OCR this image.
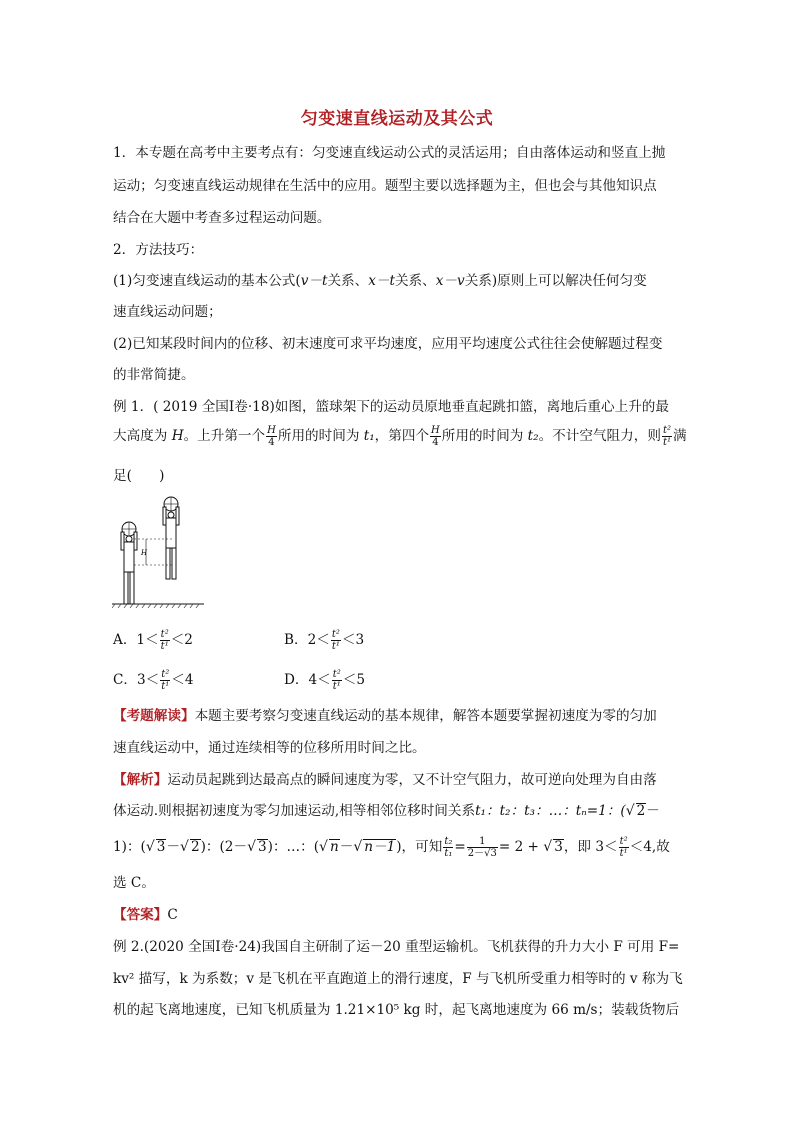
匀变速直线运动及其公式
1．本专题在高考中主要考点有：匀变速直线运动公式的灵活运用；自由落体运动和竖直上抛
运动；匀变速直线运动规律在生活中的应用。题型主要以选择题为主，但也会与其他知识点
结合在大题中考查多过程运动问题。
2．方法技巧：
(1)匀变速直线运动的基本公式(v－t关系、x－t关系、x－v关系)原则上可以解决任何匀变
速直线运动问题；
(2)已知某段时间内的位移、初末速度可求平均速度，应用平均速度公式往往会使解题过程变
的非常简捷。
例 1．( 2019 全国Ⅰ卷·18)如图，篮球架下的运动员原地垂直起跳扣篮，离地后重心上升的最
大高度为 H。上升第一个 $\frac{H}{4}$ 所用的时间为 t₁，第四个 $\frac{H}{4}$ 所用的时间为 t₂。不计空气阻力，则 $\frac{\text{t²}}{\text{t¹}}$ 满
足(　　)
H
A．$1< \frac{\text{t²}}{\text{t¹}} <2$	B．$2< \frac{\text{t²}}{\text{t¹}} <3$
C．$3< \frac{\text{t²}}{\text{t¹}} <4$	D．$4< \frac{\text{t²}}{\text{t¹}} <5$
【考题解读】本题主要考察匀变速直线运动的基本规律，解答本题要掌握初速度为零的匀加
速直线运动中，通过连续相等的位移所用时间之比。
【解析】运动员起跳到达最高点的瞬间速度为零，又不计空气阻力，故可逆向处理为自由落
体运动.则根据初速度为零匀加速运动,相等相邻位移时间关系t₁：t₂：t₃：…：tₙ=1：(√ 2－
1)：(√ 3－√ 2)：(2－√ 3)：…：(√ n－√ n－1)，可知 $\frac{\text{t₂}}{\text{t₁}} = \frac{1}{2-√3} = 2$ + √ 3，即 $3< \frac{\text{t²}}{\text{t¹}} <4$,故
选 C。
【答案】C
例 2.(2020 全国Ⅰ卷·24)我国自主研制了运－20 重型运输机。飞机获得的升力大小 F 可用 F=
kv² 描写，k 为系数；v 是飞机在平直跑道上的滑行速度，F 与飞机所受重力相等时的 v 称为飞
机的起飞离地速度，已知飞机质量为 1.21×10⁵ kg 时，起飞离地速度为 66 m/s；装载货物后
